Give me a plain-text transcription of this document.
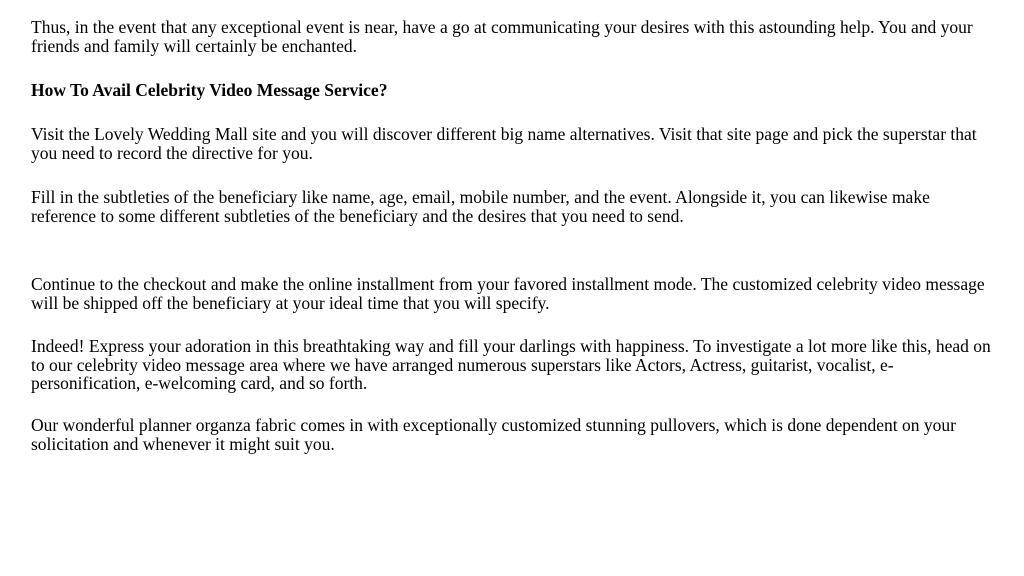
Thus, in the event that any exceptional event is near, have a go at communicating your desires with this astounding help. You and your friends and family will certainly be enchanted.

How To Avail Celebrity Video Message Service?

Visit the Lovely Wedding Mall site and you will discover different big name alternatives. Visit that site page and pick the superstar that you need to record the directive for you.

Fill in the subtleties of the beneficiary like name, age, email, mobile number, and the event. Alongside it, you can likewise make reference to some different subtleties of the beneficiary and the desires that you need to send.

Continue to the checkout and make the online installment from your favored installment mode. The customized celebrity video message will be shipped off the beneficiary at your ideal time that you will specify.

Indeed! Express your adoration in this breathtaking way and fill your darlings with happiness. To investigate a lot more like this, head on to our celebrity video message area where we have arranged numerous superstars like Actors, Actress, guitarist, vocalist, e-personification, e-welcoming card, and so forth.

Our wonderful planner organza fabric comes in with exceptionally customized stunning pullovers, which is done dependent on your solicitation and whenever it might suit you.
